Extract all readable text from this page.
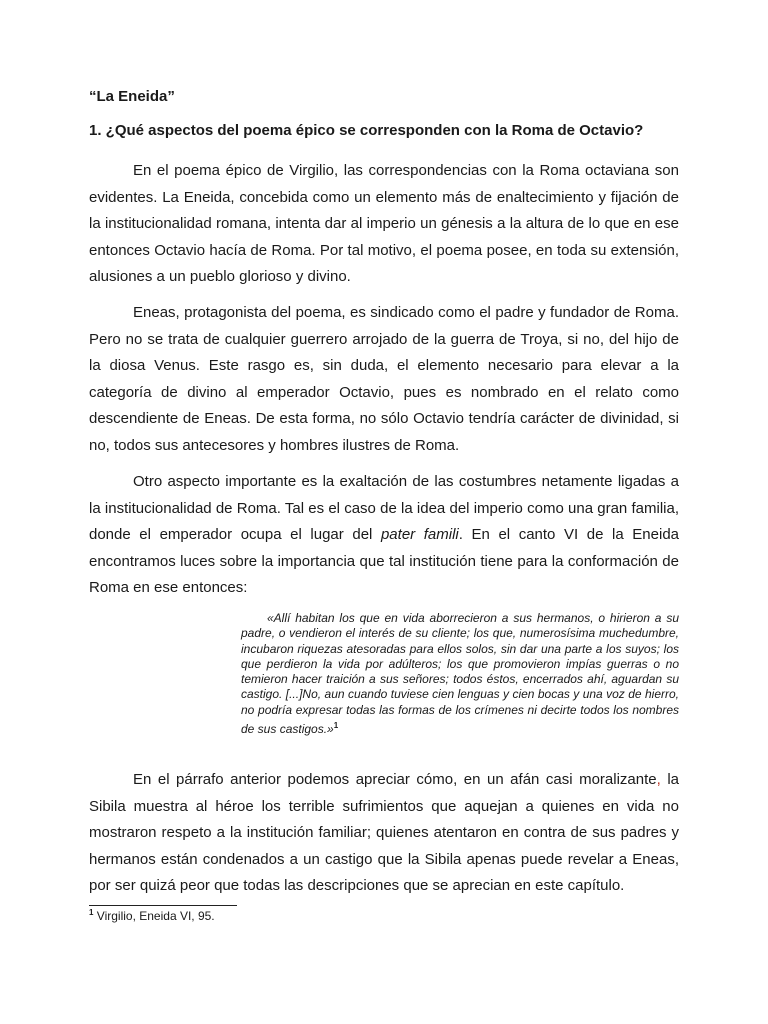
“La Eneida”
1. ¿Qué aspectos del poema épico se corresponden con la Roma de Octavio?

En el poema épico de Virgilio, las correspondencias con la Roma octaviana son evidentes. La Eneida, concebida como un elemento más de enaltecimiento y fijación de la institucionalidad romana, intenta dar al imperio un génesis a la altura de lo que en ese entonces Octavio hacía de Roma. Por tal motivo, el poema posee, en toda su extensión, alusiones a un pueblo glorioso y divino.

Eneas, protagonista del poema, es sindicado como el padre y fundador de Roma. Pero no se trata de cualquier guerrero arrojado de la guerra de Troya, si no, del hijo de la diosa Venus. Este rasgo es, sin duda, el elemento necesario para elevar a la categoría de divino al emperador Octavio, pues es nombrado en el relato como descendiente de Eneas. De esta forma, no sólo Octavio tendría carácter de divinidad, si no, todos sus antecesores y hombres ilustres de Roma.

Otro aspecto importante es la exaltación de las costumbres netamente ligadas a la institucionalidad de Roma. Tal es el caso de la idea del imperio como una gran familia, donde el emperador ocupa el lugar del pater famili. En el canto VI de la Eneida encontramos luces sobre la importancia que tal institución tiene para la conformación de Roma en ese entonces:

«Allí habitan los que en vida aborrecieron a sus hermanos, o hirieron a su padre, o vendieron el interés de su cliente; los que, numerosísima muchedumbre, incubaron riquezas atesoradas para ellos solos, sin dar una parte a los suyos; los que perdieron la vida por adúlteros; los que promovieron impías guerras o no temieron hacer traición a sus señores; todos éstos, encerrados ahí, aguardan su castigo. [...]No, aun cuando tuviese cien lenguas y cien bocas y una voz de hierro, no podría expresar todas las formas de los crímenes ni decirte todos los nombres de sus castigos.»$^1$

En el párrafo anterior podemos apreciar cómo, en un afán casi moralizante, la Sibila muestra al héroe los terrible sufrimientos que aquejan a quienes en vida no mostraron respeto a la institución familiar; quienes atentaron en contra de sus padres y hermanos están condenados a un castigo que la Sibila apenas puede revelar a Eneas, por ser quizá peor que todas las descripciones que se aprecian en este capítulo.

$^1$ Virgilio, Eneida VI, 95.
